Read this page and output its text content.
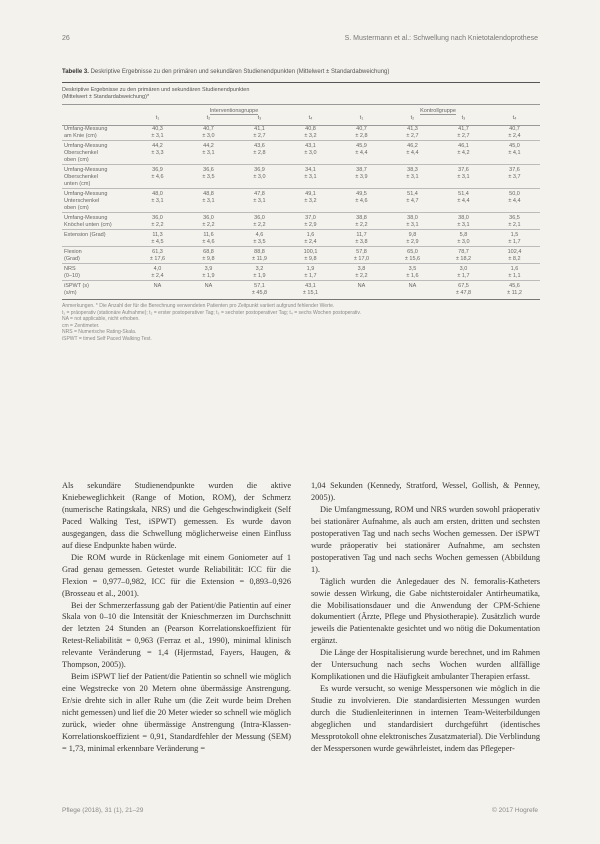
26	S. Mustermann et al.: Schwellung nach Knietotalendoprothese
Tabelle 3. Deskriptive Ergebnisse zu den primären und sekundären Studienendpunkten (Mittelwert ± Standardabweichung)
Deskriptive Ergebnisse zu den primären und sekundären Studienendpunkten
(Mittelwert ± Standardabweichung)*
	Interventionsgruppe				Kontrollgruppe			
	t₁	t₂	t₃	t₄	t₁	t₂	t₃	t₄
Umfang-Messung	40,3	40,7	41,1	40,8	40,7	41,3	41,7	40,7
am Knie (cm)	± 3,1	± 3,0	± 2,7	± 3,2	± 2,8	± 2,7	± 2,7	± 2,4
Umfang-Messung	44,2	44,2	43,6	43,1	45,9	46,2	46,1	45,0
Oberschenkel	± 3,3	± 3,1	± 2,8	± 3,0	± 4,4	± 4,4	± 4,2	± 4,1
oben (cm)								
Umfang-Messung	36,9	36,6	36,9	34,1	38,7	38,3	37,6	37,6
Oberschenkel	± 4,6	± 3,5	± 3,0	± 3,1	± 3,9	± 3,1	± 3,1	± 3,7
unten (cm)								
Umfang-Messung	48,0	48,8	47,8	49,1	49,5	51,4	51,4	50,0
Unterschenkel	± 3,1	± 3,1	± 3,1	± 3,2	± 4,6	± 4,7	± 4,4	± 4,4
oben (cm)								
Umfang-Messung	36,0	36,0	36,0	37,0	38,8	38,0	38,0	36,5
Knöchel unten (cm)	± 2,2	± 2,2	± 2,2	± 2,9	± 2,2	± 3,1	± 3,1	± 2,1
Extension (Grad)	11,3	11,6	4,6	1,6	11,7	9,8	5,8	1,5
	± 4,5	± 4,6	± 3,5	± 2,4	± 3,8	± 2,9	± 3,0	± 1,7
Flexion	61,3	68,8	88,8	100,1	57,8	65,0	78,7	102,4
(Grad)	± 17,6	± 9,8	± 11,9	± 9,8	± 17,0	± 15,6	± 18,2	± 8,2
NRS	4,0	3,9	3,2	1,9	3,8	3,5	3,0	1,6
(0–10)	± 2,4	± 1,9	± 1,9	± 1,7	± 2,2	± 1,6	± 1,7	± 1,1
iSPWT (s)	NA	NA	57,1	43,1	NA	NA	67,5	45,6
(s/m)			± 45,8	± 15,1			± 47,8	± 11,2
Anmerkungen. * Die Anzahl der für die Berechnung verwendeten Patienten pro Zeitpunkt variiert aufgrund fehlender Werte.
t₁ = präoperativ (stationäre Aufnahme); t₂ = erster postoperativer Tag; t₃ = sechster postoperativer Tag; t₄ = sechs Wochen postoperativ.
NA = not applicable, nicht erhoben.
cm = Zentimeter.
NRS = Numerische Rating-Skala.
iSPWT = timed Self Paced Walking Test.

Als sekundäre Studienendpunkte wurden die aktive Kniebeweglichkeit (Range of Motion, ROM), der Schmerz (numerische Ratingskala, NRS) und die Gehgeschwindigkeit (Self Paced Walking Test, iSPWT) gemessen. Es wurde davon ausgegangen, dass die Schwellung möglicherweise einen Einfluss auf diese Endpunkte haben würde.

Die ROM wurde in Rückenlage mit einem Goniometer auf 1 Grad genau gemessen. Getestet wurde Reliabilität: ICC für die Flexion = 0,977–0,982, ICC für die Extension = 0,893–0,926 (Brosseau et al., 2001).

Bei der Schmerzerfassung gab der Patient/die Patientin auf einer Skala von 0–10 die Intensität der Knieschmerzen im Durchschnitt der letzten 24 Stunden an (Pearson Korrelationskoeffizient für Retest-Reliabilität = 0,963 (Ferraz et al., 1990), minimal klinisch relevante Veränderung = 1,4 (Hjermstad, Fayers, Haugen, & Thompson, 2005)).

Beim iSPWT lief der Patient/die Patientin so schnell wie möglich eine Wegstrecke von 20 Metern ohne übermässige Anstrengung. Er/sie drehte sich in aller Ruhe um (die Zeit wurde beim Drehen nicht gemessen) und lief die 20 Meter wieder so schnell wie möglich zurück, wieder ohne übermässige Anstrengung (Intra-Klassen-Korrelationskoeffizient = 0,91, Standardfehler der Messung (SEM) = 1,73, minimal erkennbare Veränderung =

1,04 Sekunden (Kennedy, Stratford, Wessel, Gollish, & Penney, 2005)).

Die Umfangmessung, ROM und NRS wurden sowohl präoperativ bei stationärer Aufnahme, als auch am ersten, dritten und sechsten postoperativen Tag und nach sechs Wochen gemessen. Der iSPWT wurde präoperativ bei stationärer Aufnahme, am sechsten postoperativen Tag und nach sechs Wochen gemessen (Abbildung 1).

Täglich wurden die Anlegedauer des N. femoralis-Katheters sowie dessen Wirkung, die Gabe nichtsteroidaler Antirheumatika, die Mobilisationsdauer und die Anwendung der CPM-Schiene dokumentiert (Ärzte, Pflege und Physiotherapie). Zusätzlich wurde jeweils die Patientenakte gesichtet und wo nötig die Dokumentation ergänzt.

Die Länge der Hospitalisierung wurde berechnet, und im Rahmen der Untersuchung nach sechs Wochen wurden allfällige Komplikationen und die Häufigkeit ambulanter Therapien erfasst.

Es wurde versucht, so wenige Messpersonen wie möglich in die Studie zu involvieren. Die standardisierten Messungen wurden durch die Studienleiterinnen in internen Team-Weiterbildungen abgeglichen und standardisiert durchgeführt (identisches Messprotokoll ohne elektronisches Zusatzmaterial). Die Verblindung der Messpersonen wurde gewährleistet, indem das Pflegeper-

Pflege (2018), 31 (1), 21–29	© 2017 Hogrefe
